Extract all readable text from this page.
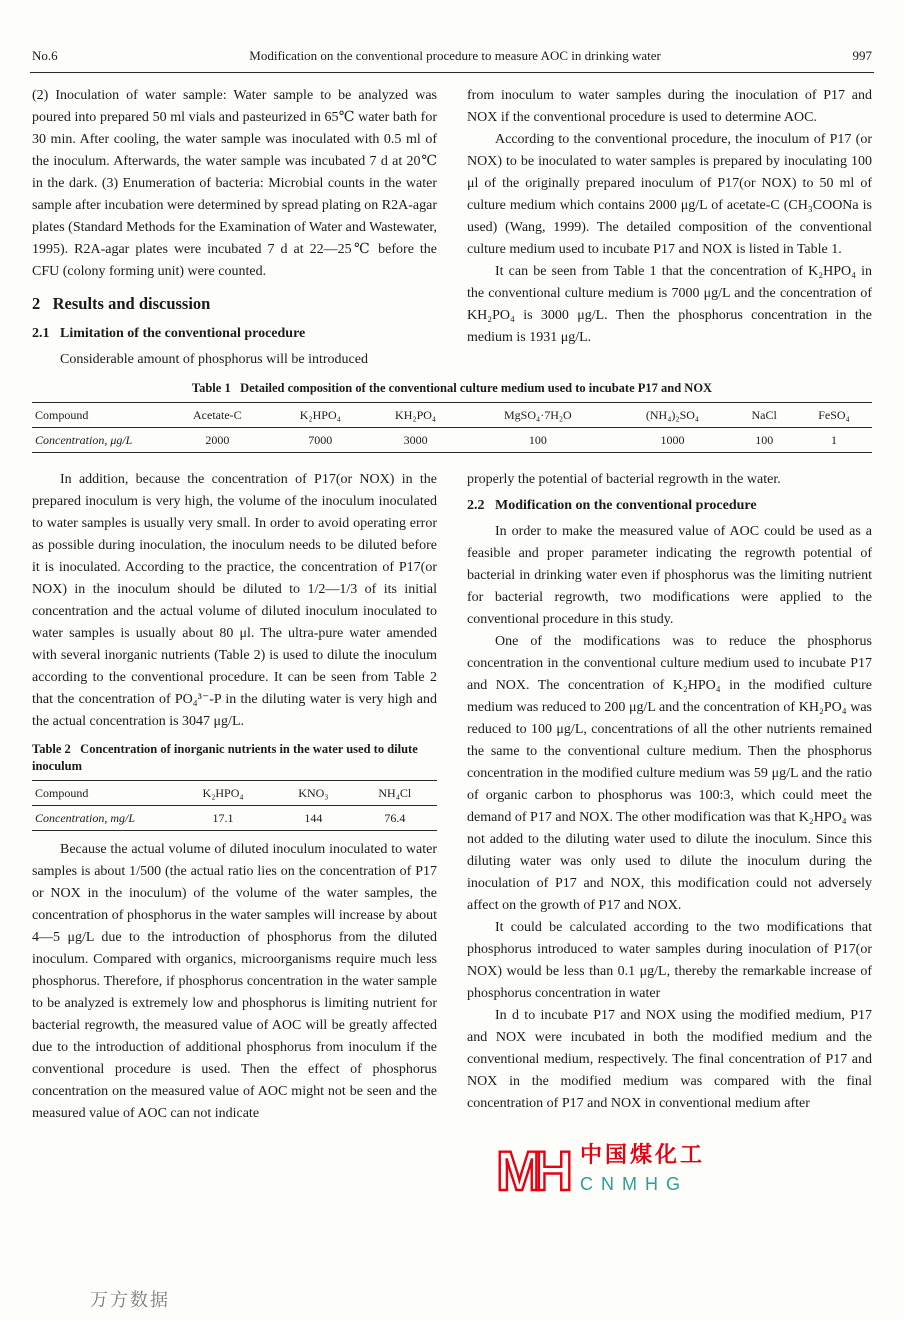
No.6	Modification on the conventional procedure to measure AOC in drinking water	997

(2) Inoculation of water sample: Water sample to be analyzed was poured into prepared 50 ml vials and pasteurized in 65℃ water bath for 30 min. After cooling, the water sample was inoculated with 0.5 ml of the inoculum. Afterwards, the water sample was incubated 7 d at 20℃ in the dark. (3) Enumeration of bacteria: Microbial counts in the water sample after incubation were determined by spread plating on R2A-agar plates (Standard Methods for the Examination of Water and Wastewater, 1995). R2A-agar plates were incubated 7 d at 22—25℃ before the CFU (colony forming unit) were counted.

2   Results and discussion
2.1   Limitation of the conventional procedure

Considerable amount of phosphorus will be introduced

from inoculum to water samples during the inoculation of P17 and NOX if the conventional procedure is used to determine AOC.

According to the conventional procedure, the inoculum of P17 (or NOX) to be inoculated to water samples is prepared by inoculating 100 μl of the originally prepared inoculum of P17(or NOX) to 50 ml of culture medium which contains 2000 μg/L of acetate-C (CH₃COONa is used) (Wang, 1999). The detailed composition of the conventional culture medium used to incubate P17 and NOX is listed in Table 1.

It can be seen from Table 1 that the concentration of K₂HPO₄ in the conventional culture medium is 7000 μg/L and the concentration of KH₂PO₄ is 3000 μg/L. Then the phosphorus concentration in the medium is 1931 μg/L.

Table 1   Detailed composition of the conventional culture medium used to incubate P17 and NOX
Compound	Acetate-C	K₂HPO₄	KH₂PO₄	MgSO₄·7H₂O	(NH₄)₂SO₄	NaCl	FeSO₄
Concentration, μg/L	2000	7000	3000	100	1000	100	1

In addition, because the concentration of P17(or NOX) in the prepared inoculum is very high, the volume of the inoculum inoculated to water samples is usually very small. In order to avoid operating error as possible during inoculation, the inoculum needs to be diluted before it is inoculated. According to the practice, the concentration of P17(or NOX) in the inoculum should be diluted to 1/2—1/3 of its initial concentration and the actual volume of diluted inoculum inoculated to water samples is usually about 80 μl. The ultra-pure water amended with several inorganic nutrients (Table 2) is used to dilute the inoculum according to the conventional procedure. It can be seen from Table 2 that the concentration of PO₄³⁻-P in the diluting water is very high and the actual concentration is 3047 μg/L.

Table 2   Concentration of inorganic nutrients in the water used to dilute inoculum
Compound	K₂HPO₄	KNO₃	NH₄Cl
Concentration, mg/L	17.1	144	76.4

Because the actual volume of diluted inoculum inoculated to water samples is about 1/500 (the actual ratio lies on the concentration of P17 or NOX in the inoculum) of the volume of the water samples, the concentration of phosphorus in the water samples will increase by about 4—5 μg/L due to the introduction of phosphorus from the diluted inoculum. Compared with organics, microorganisms require much less phosphorus. Therefore, if phosphorus concentration in the water sample to be analyzed is extremely low and phosphorus is limiting nutrient for bacterial regrowth, the measured value of AOC will be greatly affected due to the introduction of additional phosphorus from inoculum if the conventional procedure is used. Then the effect of phosphorus concentration on the measured value of AOC might not be seen and the measured value of AOC can not indicate

properly the potential of bacterial regrowth in the water.

2.2   Modification on the conventional procedure

In order to make the measured value of AOC could be used as a feasible and proper parameter indicating the regrowth potential of bacterial in drinking water even if phosphorus was the limiting nutrient for bacterial regrowth, two modifications were applied to the conventional procedure in this study.

One of the modifications was to reduce the phosphorus concentration in the conventional culture medium used to incubate P17 and NOX. The concentration of K₂HPO₄ in the modified culture medium was reduced to 200 μg/L and the concentration of KH₂PO₄ was reduced to 100 μg/L, concentrations of all the other nutrients remained the same to the conventional culture medium. Then the phosphorus concentration in the modified culture medium was 59 μg/L and the ratio of organic carbon to phosphorus was 100:3, which could meet the demand of P17 and NOX. The other modification was that K₂HPO₄ was not added to the diluting water used to dilute the inoculum. Since this diluting water was only used to dilute the inoculum during the inoculation of P17 and NOX, this modification could not adversely affect on the growth of P17 and NOX.

It could be calculated according to the two modifications that phosphorus introduced to water samples during inoculation of P17(or NOX) would be less than 0.1 μg/L, thereby the remarkable increase of phosphorus concentration in water

In d to incubate P17 and NOX using the modified medium, P17 and NOX were incubated in both the modified medium and the conventional medium, respectively. The final concentration of P17 and NOX in the modified medium was compared with the final concentration of P17 and NOX in conventional medium after

MH 中国煤化工
CNMHG
万方数据
